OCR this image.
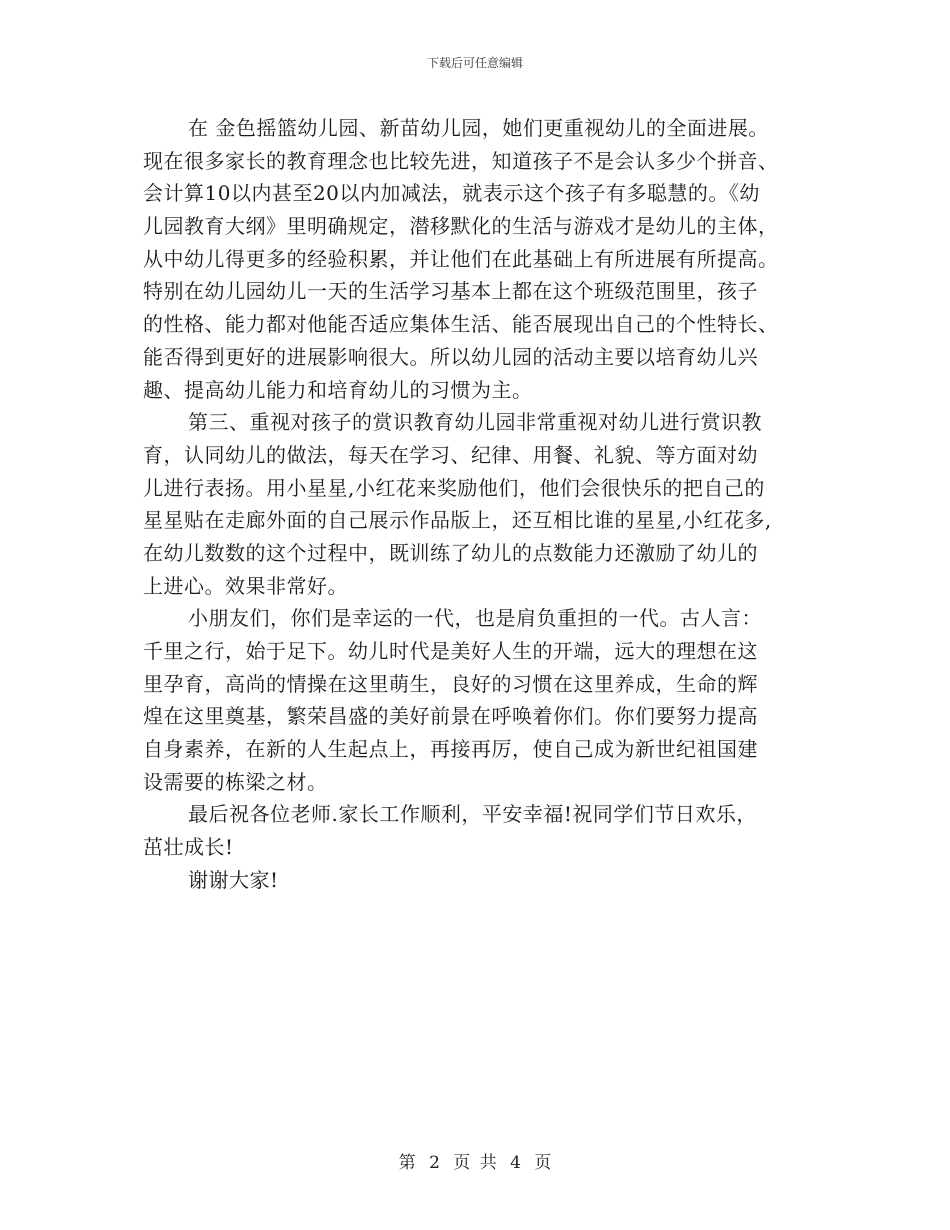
下载后可任意编辑
在 金色摇篮幼儿园、新苗幼儿园，她们更重视幼儿的全面进展。
现在很多家长的教育理念也比较先进，知道孩子不是会认多少个拼音、
会计算10以内甚至20以内加减法，就表示这个孩子有多聪慧的。《幼
儿园教育大纲》里明确规定，潜移默化的生活与游戏才是幼儿的主体，
从中幼儿得更多的经验积累，并让他们在此基础上有所进展有所提高。
特别在幼儿园幼儿一天的生活学习基本上都在这个班级范围里，孩子
的性格、能力都对他能否适应集体生活、能否展现出自己的个性特长、
能否得到更好的进展影响很大。所以幼儿园的活动主要以培育幼儿兴
趣、提高幼儿能力和培育幼儿的习惯为主。
第三、重视对孩子的赏识教育幼儿园非常重视对幼儿进行赏识教
育，认同幼儿的做法，每天在学习、纪律、用餐、礼貌、等方面对幼
儿进行表扬。用小星星,小红花来奖励他们，他们会很快乐的把自己的
星星贴在走廊外面的自己展示作品版上，还互相比谁的星星,小红花多,
在幼儿数数的这个过程中，既训练了幼儿的点数能力还激励了幼儿的
上进心。效果非常好。
小朋友们，你们是幸运的一代，也是肩负重担的一代。古人言：
千里之行，始于足下。幼儿时代是美好人生的开端，远大的理想在这
里孕育，高尚的情操在这里萌生，良好的习惯在这里养成，生命的辉
煌在这里奠基，繁荣昌盛的美好前景在呼唤着你们。你们要努力提高
自身素养，在新的人生起点上，再接再厉，使自己成为新世纪祖国建
设需要的栋梁之材。
最后祝各位老师.家长工作顺利，平安幸福!祝同学们节日欢乐，
茁壮成长!
谢谢大家!
第 2 页 共 4 页
